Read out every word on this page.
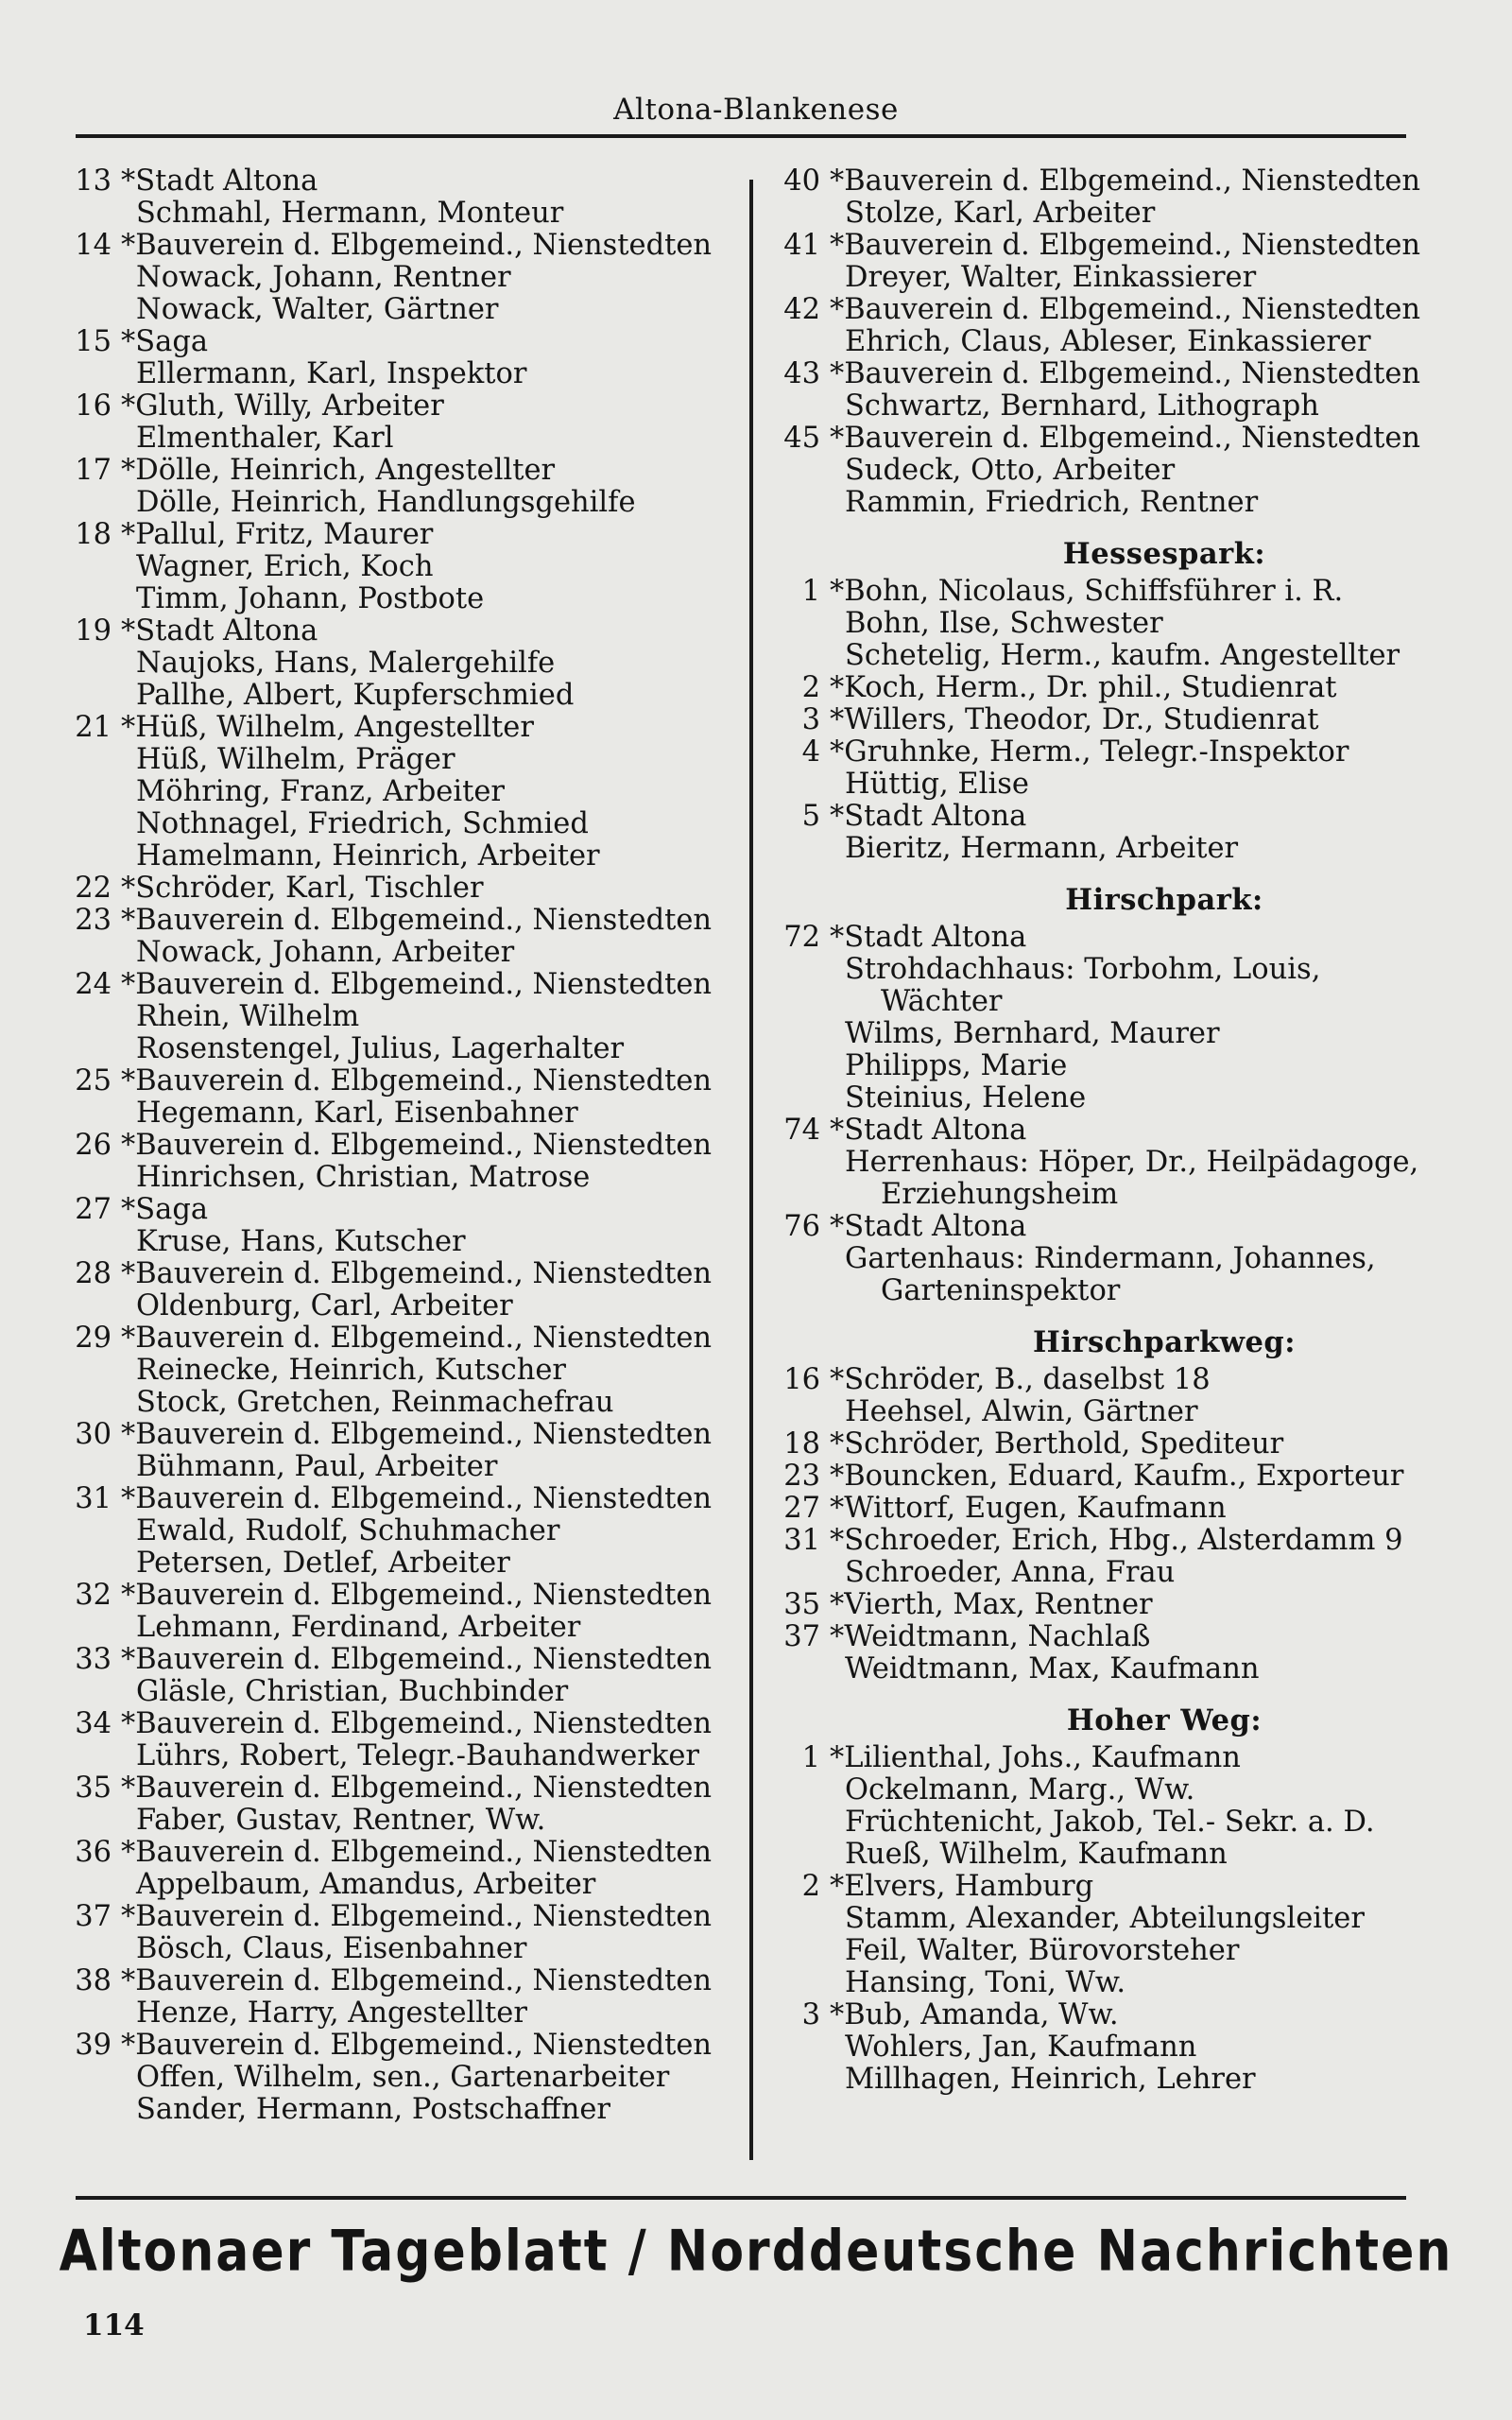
Altona-Blankenese
13 *Stadt Altona
Schmahl, Hermann, Monteur
14 *Bauverein d. Elbgemeind., Nienstedten
Nowack, Johann, Rentner
Nowack, Walter, Gärtner
15 *Saga
Ellermann, Karl, Inspektor
16 *Gluth, Willy, Arbeiter
Elmenthaler, Karl
17 *Dölle, Heinrich, Angestellter
Dölle, Heinrich, Handlungsgehilfe
18 *Pallul, Fritz, Maurer
Wagner, Erich, Koch
Timm, Johann, Postbote
19 *Stadt Altona
Naujoks, Hans, Malergehilfe
Pallhe, Albert, Kupferschmied
21 *Hüß, Wilhelm, Angestellter
Hüß, Wilhelm, Präger
Möhring, Franz, Arbeiter
Nothnagel, Friedrich, Schmied
Hamelmann, Heinrich, Arbeiter
22 *Schröder, Karl, Tischler
23 *Bauverein d. Elbgemeind., Nienstedten
Nowack, Johann, Arbeiter
24 *Bauverein d. Elbgemeind., Nienstedten
Rhein, Wilhelm
Rosenstengel, Julius, Lagerhalter
25 *Bauverein d. Elbgemeind., Nienstedten
Hegemann, Karl, Eisenbahner
26 *Bauverein d. Elbgemeind., Nienstedten
Hinrichsen, Christian, Matrose
27 *Saga
Kruse, Hans, Kutscher
28 *Bauverein d. Elbgemeind., Nienstedten
Oldenburg, Carl, Arbeiter
29 *Bauverein d. Elbgemeind., Nienstedten
Reinecke, Heinrich, Kutscher
Stock, Gretchen, Reinmachefrau
30 *Bauverein d. Elbgemeind., Nienstedten
Bühmann, Paul, Arbeiter
31 *Bauverein d. Elbgemeind., Nienstedten
Ewald, Rudolf, Schuhmacher
Petersen, Detlef, Arbeiter
32 *Bauverein d. Elbgemeind., Nienstedten
Lehmann, Ferdinand, Arbeiter
33 *Bauverein d. Elbgemeind., Nienstedten
Gläsle, Christian, Buchbinder
34 *Bauverein d. Elbgemeind., Nienstedten
Lührs, Robert, Telegr.-Bauhandwerker
35 *Bauverein d. Elbgemeind., Nienstedten
Faber, Gustav, Rentner, Ww.
36 *Bauverein d. Elbgemeind., Nienstedten
Appelbaum, Amandus, Arbeiter
37 *Bauverein d. Elbgemeind., Nienstedten
Bösch, Claus, Eisenbahner
38 *Bauverein d. Elbgemeind., Nienstedten
Henze, Harry, Angestellter
39 *Bauverein d. Elbgemeind., Nienstedten
Offen, Wilhelm, sen., Gartenarbeiter
Sander, Hermann, Postschaffner
40 *Bauverein d. Elbgemeind., Nienstedten
Stolze, Karl, Arbeiter
41 *Bauverein d. Elbgemeind., Nienstedten
Dreyer, Walter, Einkassierer
42 *Bauverein d. Elbgemeind., Nienstedten
Ehrich, Claus, Ableser, Einkassierer
43 *Bauverein d. Elbgemeind., Nienstedten
Schwartz, Bernhard, Lithograph
45 *Bauverein d. Elbgemeind., Nienstedten
Sudeck, Otto, Arbeiter
Rammin, Friedrich, Rentner
Hessespark:
1 *Bohn, Nicolaus, Schiffsführer i. R.
Bohn, Ilse, Schwester
Schetelig, Herm., kaufm. Angestellter
2 *Koch, Herm., Dr. phil., Studienrat
3 *Willers, Theodor, Dr., Studienrat
4 *Gruhnke, Herm., Telegr.-Inspektor
Hüttig, Elise
5 *Stadt Altona
Bieritz, Hermann, Arbeiter
Hirschpark:
72 *Stadt Altona
Strohdachhaus: Torbohm, Louis,
Wächter
Wilms, Bernhard, Maurer
Philipps, Marie
Steinius, Helene
74 *Stadt Altona
Herrenhaus: Höper, Dr., Heilpädagoge,
Erziehungsheim
76 *Stadt Altona
Gartenhaus: Rindermann, Johannes,
Garteninspektor
Hirschparkweg:
16 *Schröder, B., daselbst 18
Heehsel, Alwin, Gärtner
18 *Schröder, Berthold, Spediteur
23 *Bouncken, Eduard, Kaufm., Exporteur
27 *Wittorf, Eugen, Kaufmann
31 *Schroeder, Erich, Hbg., Alsterdamm 9
Schroeder, Anna, Frau
35 *Vierth, Max, Rentner
37 *Weidtmann, Nachlaß
Weidtmann, Max, Kaufmann
Hoher Weg:
1 *Lilienthal, Johs., Kaufmann
Ockelmann, Marg., Ww.
Früchtenicht, Jakob, Tel.- Sekr. a. D.
Rueß, Wilhelm, Kaufmann
2 *Elvers, Hamburg
Stamm, Alexander, Abteilungsleiter
Feil, Walter, Bürovorsteher
Hansing, Toni, Ww.
3 *Bub, Amanda, Ww.
Wohlers, Jan, Kaufmann
Millhagen, Heinrich, Lehrer
Altonaer Tageblatt / Norddeutsche Nachrichten
114
